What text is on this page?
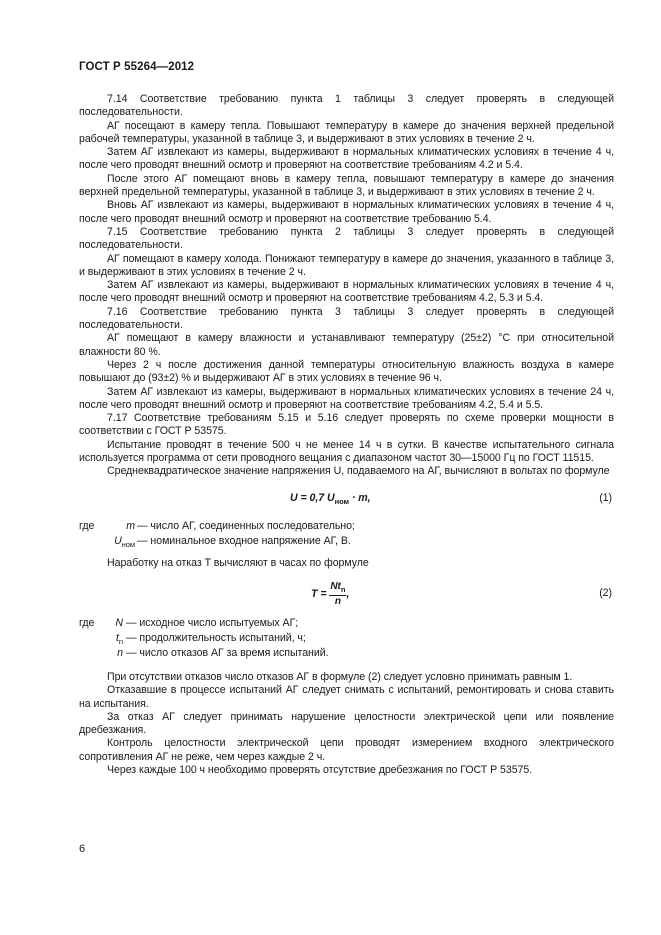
ГОСТ Р 55264—2012

7.14 Соответствие требованию пункта 1 таблицы 3 следует проверять в следующей последовательности.

АГ посещают в камеру тепла. Повышают температуру в камере до значения верхней предельной рабочей температуры, указанной в таблице 3, и выдерживают в этих условиях в течение 2 ч.

Затем АГ извлекают из камеры, выдерживают в нормальных климатических условиях в течение 4 ч, после чего проводят внешний осмотр и проверяют на соответствие требованиям 4.2 и 5.4.

После этого АГ помещают вновь в камеру тепла, повышают температуру в камере до значения верхней предельной температуры, указанной в таблице 3, и выдерживают в этих условиях в течение 2 ч.

Вновь АГ извлекают из камеры, выдерживают в нормальных климатических условиях в течение 4 ч, после чего проводят внешний осмотр и проверяют на соответствие требованию 5.4.

7.15 Соответствие требованию пункта 2 таблицы 3 следует проверять в следующей последовательности.

АГ помещают в камеру холода. Понижают температуру в камере до значения, указанного в таблице 3, и выдерживают в этих условиях в течение 2 ч.

Затем АГ извлекают из камеры, выдерживают в нормальных климатических условиях в течение 4 ч, после чего проводят внешний осмотр и проверяют на соответствие требованиям 4.2, 5.3 и 5.4.

7.16 Соответствие требованию пункта 3 таблицы 3 следует проверять в следующей последовательности.

АГ помещают в камеру влажности и устанавливают температуру (25±2) °С при относительной влажности 80 %.

Через 2 ч после достижения данной температуры относительную влажность воздуха в камере повышают до (93±2) % и выдерживают АГ в этих условиях в течение 96 ч.

Затем АГ извлекают из камеры, выдерживают в нормальных климатических условиях в течение 24 ч, после чего проводят внешний осмотр и проверяют на соответствие требованиям 4.2, 5.4 и 5.5.

7.17 Соответствие требованиям 5.15 и 5.16 следует проверять по схеме проверки мощности в соответствии с ГОСТ Р 53575.

Испытание проводят в течение 500 ч не менее 14 ч в сутки. В качестве испытательного сигнала используется программа от сети проводного вещания с диапазоном частот 30—15000 Гц по ГОСТ 11515.

Среднеквадратическое значение напряжения U, подаваемого на АГ, вычисляют в вольтах по формуле

U = 0,7 $U_{ном} \cdot m$,	(1)
где	m — число АГ, соединенных последовательно;
$U_{ном}$ — номинальное входное напряжение АГ, В.

Наработку на отказ T вычисляют в часах по формуле

$T = \frac{Nt_n}{n}$ ,	(2)
где N — исходное число испытуемых АГ;
$t_n$ — продолжительность испытаний, ч;
n — число отказов АГ за время испытаний.

При отсутствии отказов число отказов АГ в формуле (2) следует условно принимать равным 1.

Отказавшие в процессе испытаний АГ следует снимать с испытаний, ремонтировать и снова ставить на испытания.

За отказ АГ следует принимать нарушение целостности электрической цепи или появление дребезжания.

Контроль целостности электрической цепи проводят измерением входного электрического сопротивления АГ не реже, чем через каждые 2 ч.

Через каждые 100 ч необходимо проверять отсутствие дребезжания по ГОСТ Р 53575.

6
